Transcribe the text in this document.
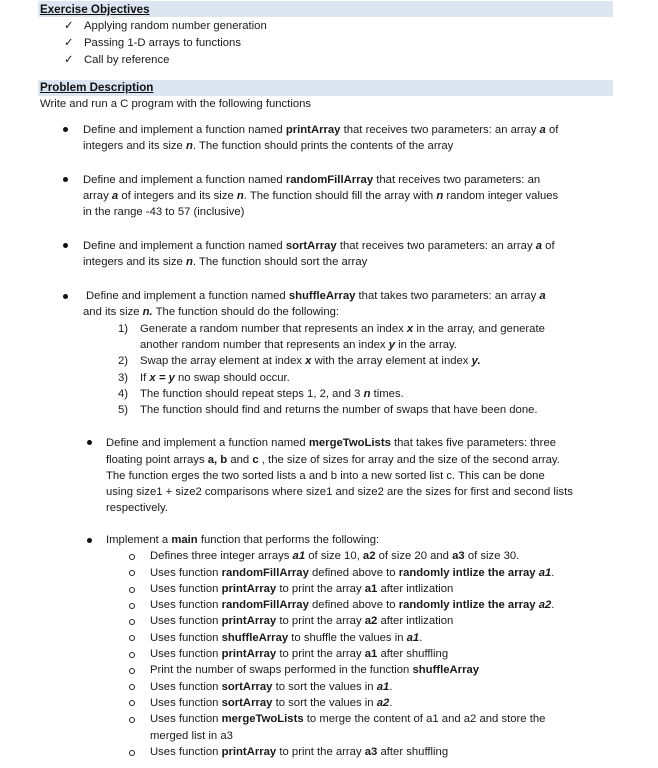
Exercise Objectives
✓ Applying random number generation
✓ Passing 1-D arrays to functions
✓ Call by reference
Problem Description
Write and run a C program with the following functions
Define and implement a function named printArray that receives two parameters: an array a of
integers and its size n. The function should prints the contents of the array
Define and implement a function named randomFillArray that receives two parameters: an
array a of integers and its size n. The function should fill the array with n random integer values
in the range -43 to 57 (inclusive)
Define and implement a function named sortArray that receives two parameters: an array a of
integers and its size n. The function should sort the array
Define and implement a function named shuffleArray that takes two parameters: an array a
and its size n. The function should do the following:
1) Generate a random number that represents an index x in the array, and generate
another random number that represents an index y in the array.
2) Swap the array element at index x with the array element at index y.
3) If x = y no swap should occur.
4) The function should repeat steps 1, 2, and 3 n times.
5) The function should find and returns the number of swaps that have been done.
Define and implement a function named mergeTwoLists that takes five parameters: three
floating point arrays a, b and c , the size of sizes for array and the size of the second array.
The function erges the two sorted lists a and b into a new sorted list c. This can be done
using size1 + size2 comparisons where size1 and size2 are the sizes for first and second lists
respectively.
Implement a main function that performs the following:
Defines three integer arrays a1 of size 10, a2 of size 20 and a3 of size 30.
Uses function randomFillArray defined above to randomly intlize the array a1.
Uses function printArray to print the array a1 after intlization
Uses function randomFillArray defined above to randomly intlize the array a2.
Uses function printArray to print the array a2 after intlization
Uses function shuffleArray to shuffle the values in a1.
Uses function printArray to print the array a1 after shuffling
Print the number of swaps performed in the function shuffleArray
Uses function sortArray to sort the values in a1.
Uses function sortArray to sort the values in a2.
Uses function mergeTwoLists to merge the content of a1 and a2 and store the
merged list in a3
Uses function printArray to print the array a3 after shuffling
